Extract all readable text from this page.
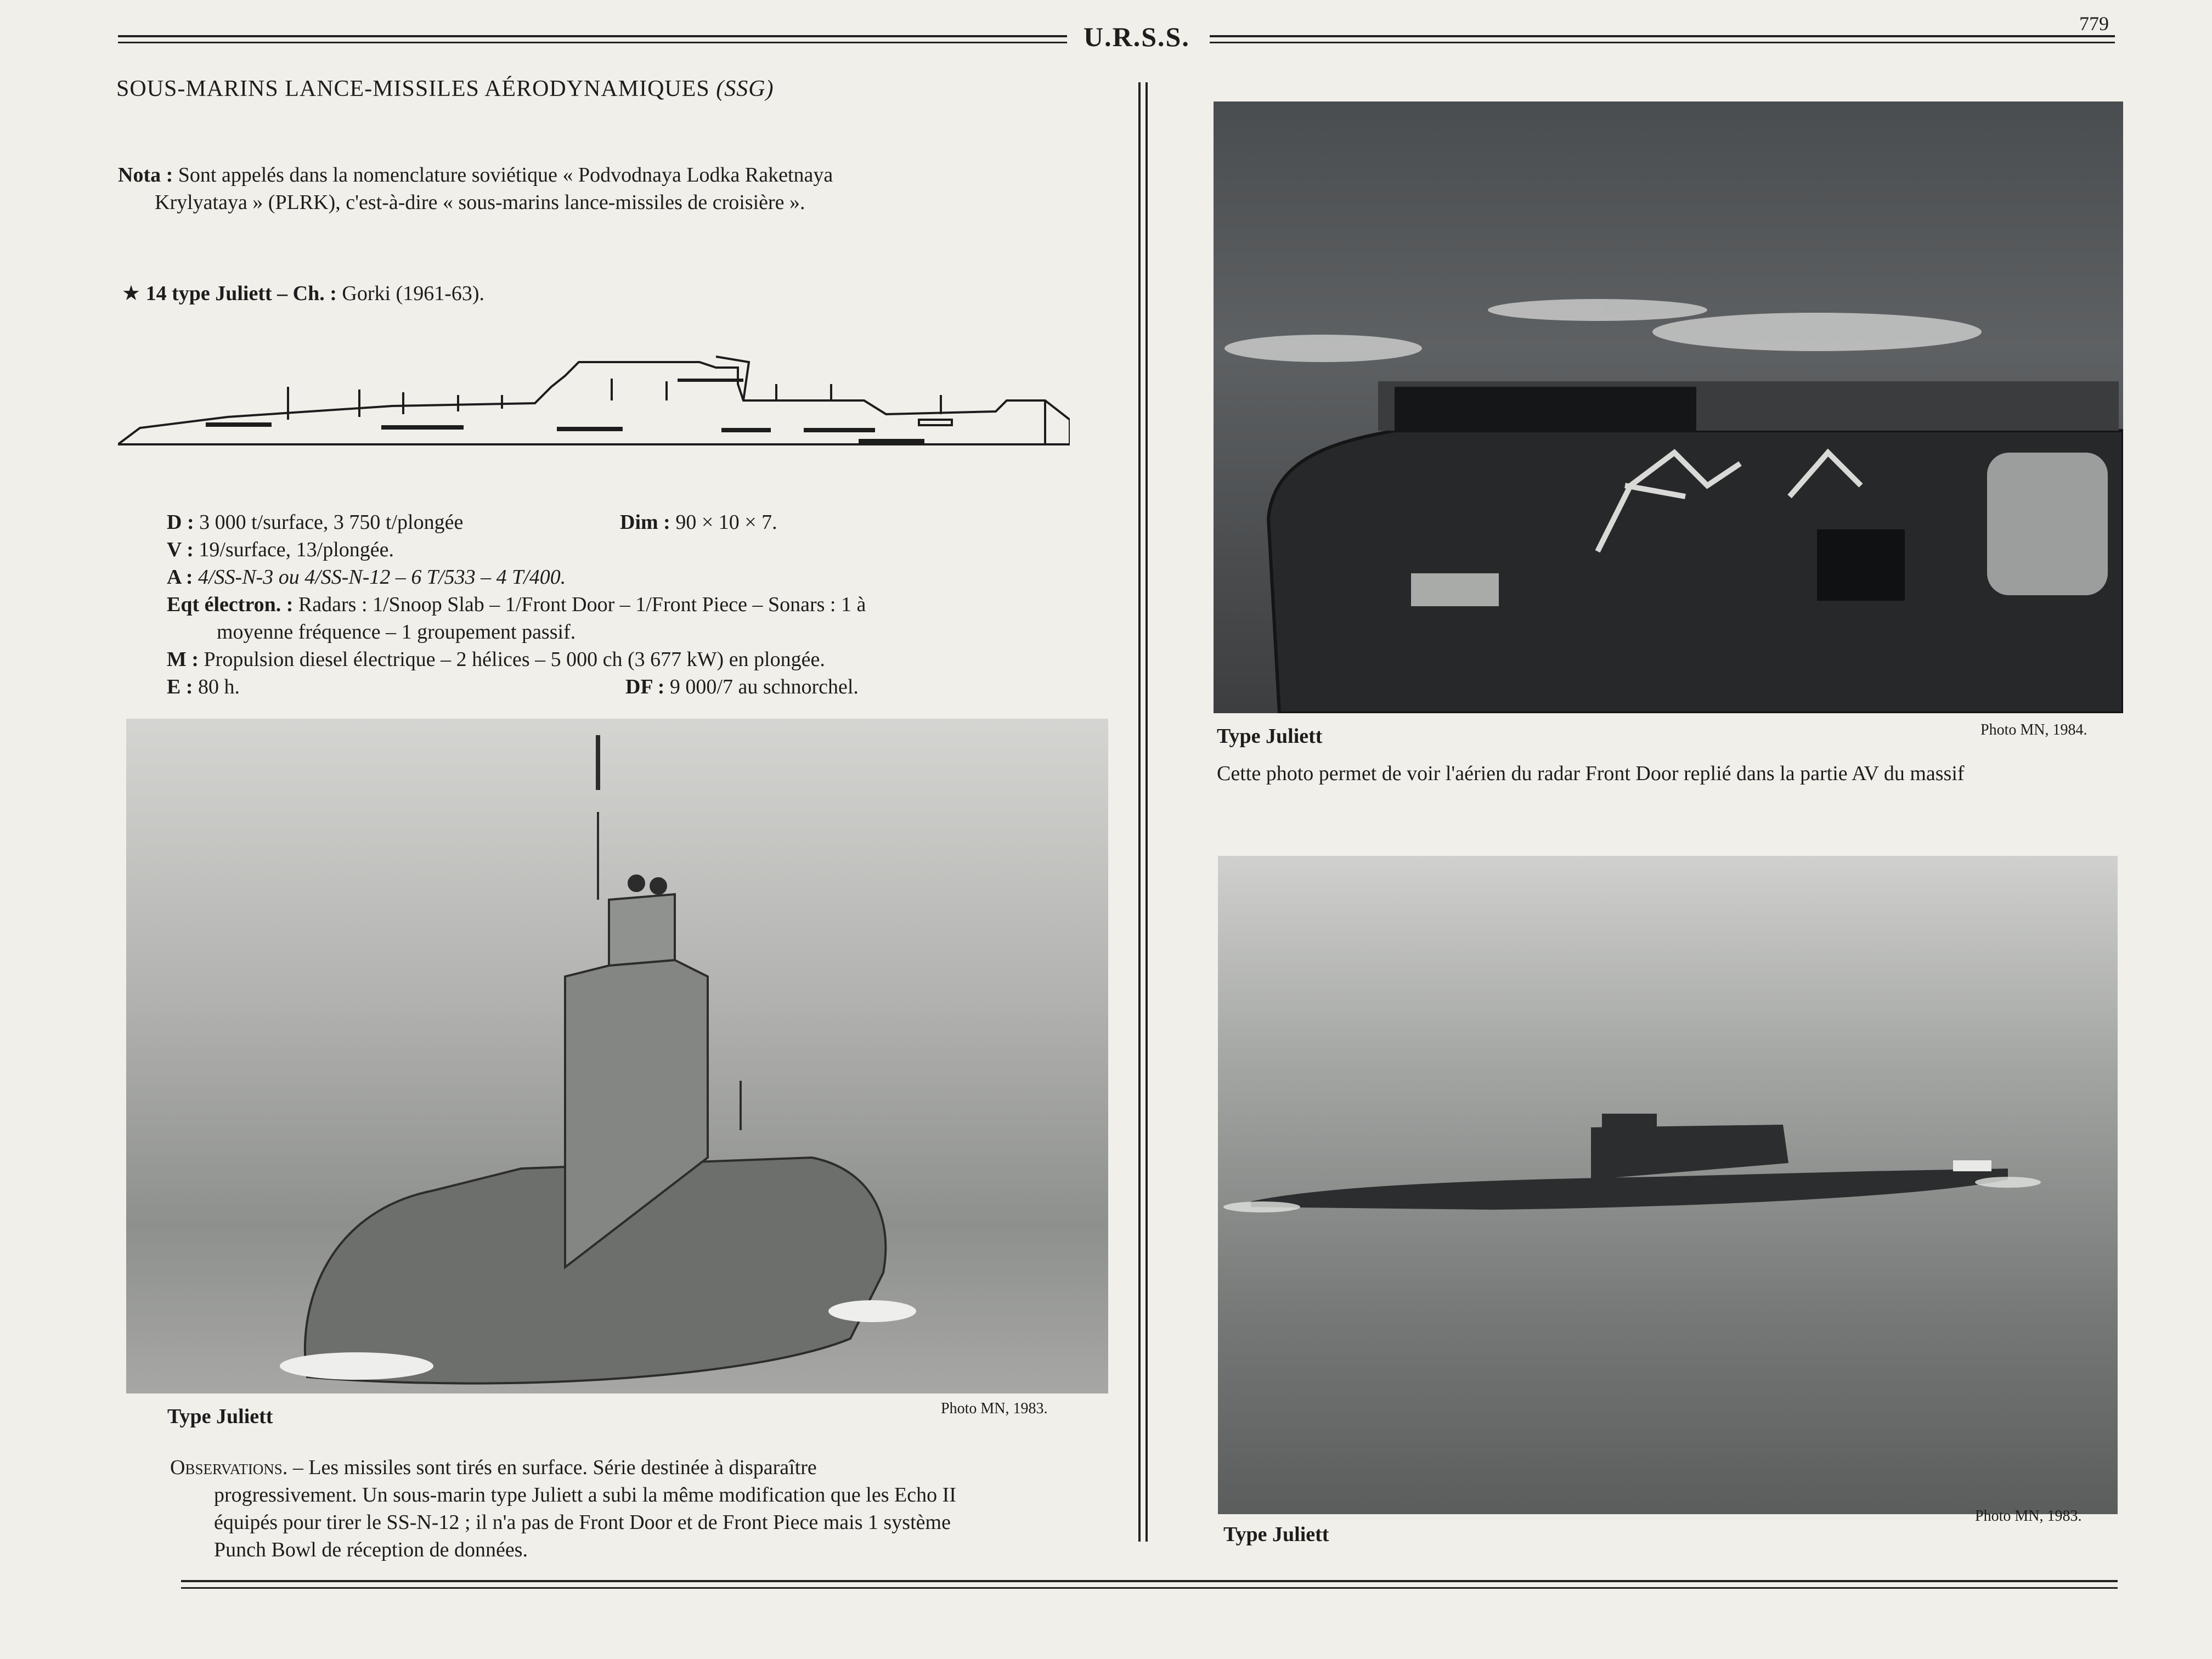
U.R.S.S.	779
SOUS-MARINS LANCE-MISSILES AÉRODYNAMIQUES (SSG)
Nota : Sont appelés dans la nomenclature soviétique « Podvodnaya Lodka Raketnaya
Krylyataya » (PLRK), c'est-à-dire « sous-marins lance-missiles de croisière ».
★ 14 type Juliett – Ch. : Gorki (1961-63).
D : 3 000 t/surface, 3 750 t/plongée	Dim : 90 × 10 × 7.
V : 19/surface, 13/plongée.
A : 4/SS-N-3 ou 4/SS-N-12 – 6 T/533 – 4 T/400.
Eqt électron. : Radars : 1/Snoop Slab – 1/Front Door – 1/Front Piece – Sonars : 1 à
moyenne fréquence – 1 groupement passif.
M : Propulsion diesel électrique – 2 hélices – 5 000 ch (3 677 kW) en plongée.
E : 80 h.	DF : 9 000/7 au schnorchel.
Type Juliett	Photo MN, 1983.
Observations. – Les missiles sont tirés en surface. Série destinée à disparaître
progressivement. Un sous-marin type Juliett a subi la même modification que les Echo II
équipés pour tirer le SS-N-12 ; il n'a pas de Front Door et de Front Piece mais 1 système
Punch Bowl de réception de données.
Type Juliett	Photo MN, 1984.
Cette photo permet de voir l'aérien du radar Front Door replié dans la partie AV du massif
Type Juliett
Photo MN, 1983.
